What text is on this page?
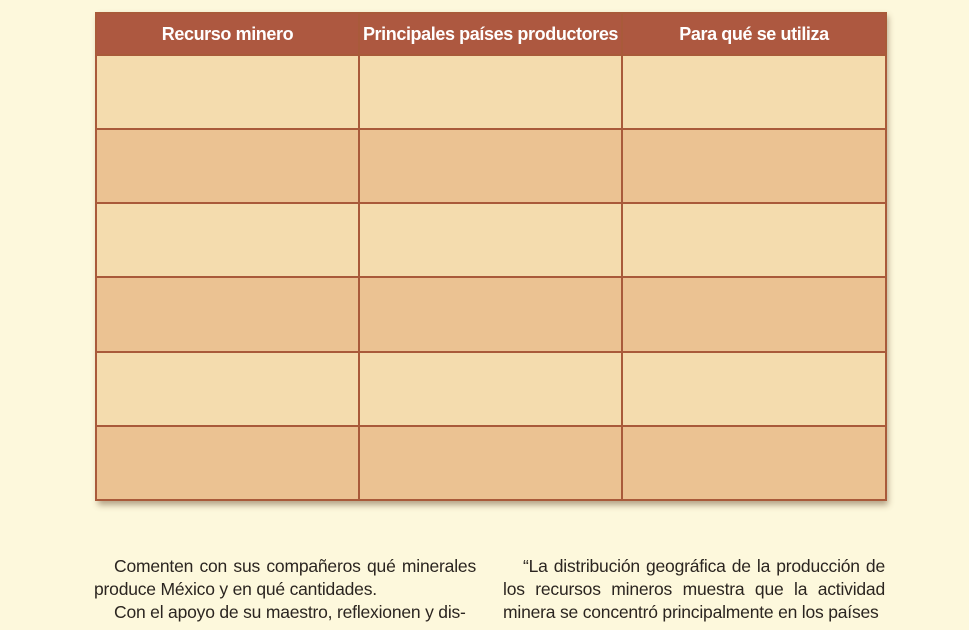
Recurso minero	Principales países productores	Para qué se utiliza

Comenten con sus compañeros qué minerales produce México y en qué cantidades.

Con el apoyo de su maestro, reflexionen y dis-

“La distribución geográfica de la producción de los recursos mineros muestra que la actividad minera se concentró principalmente en los países
